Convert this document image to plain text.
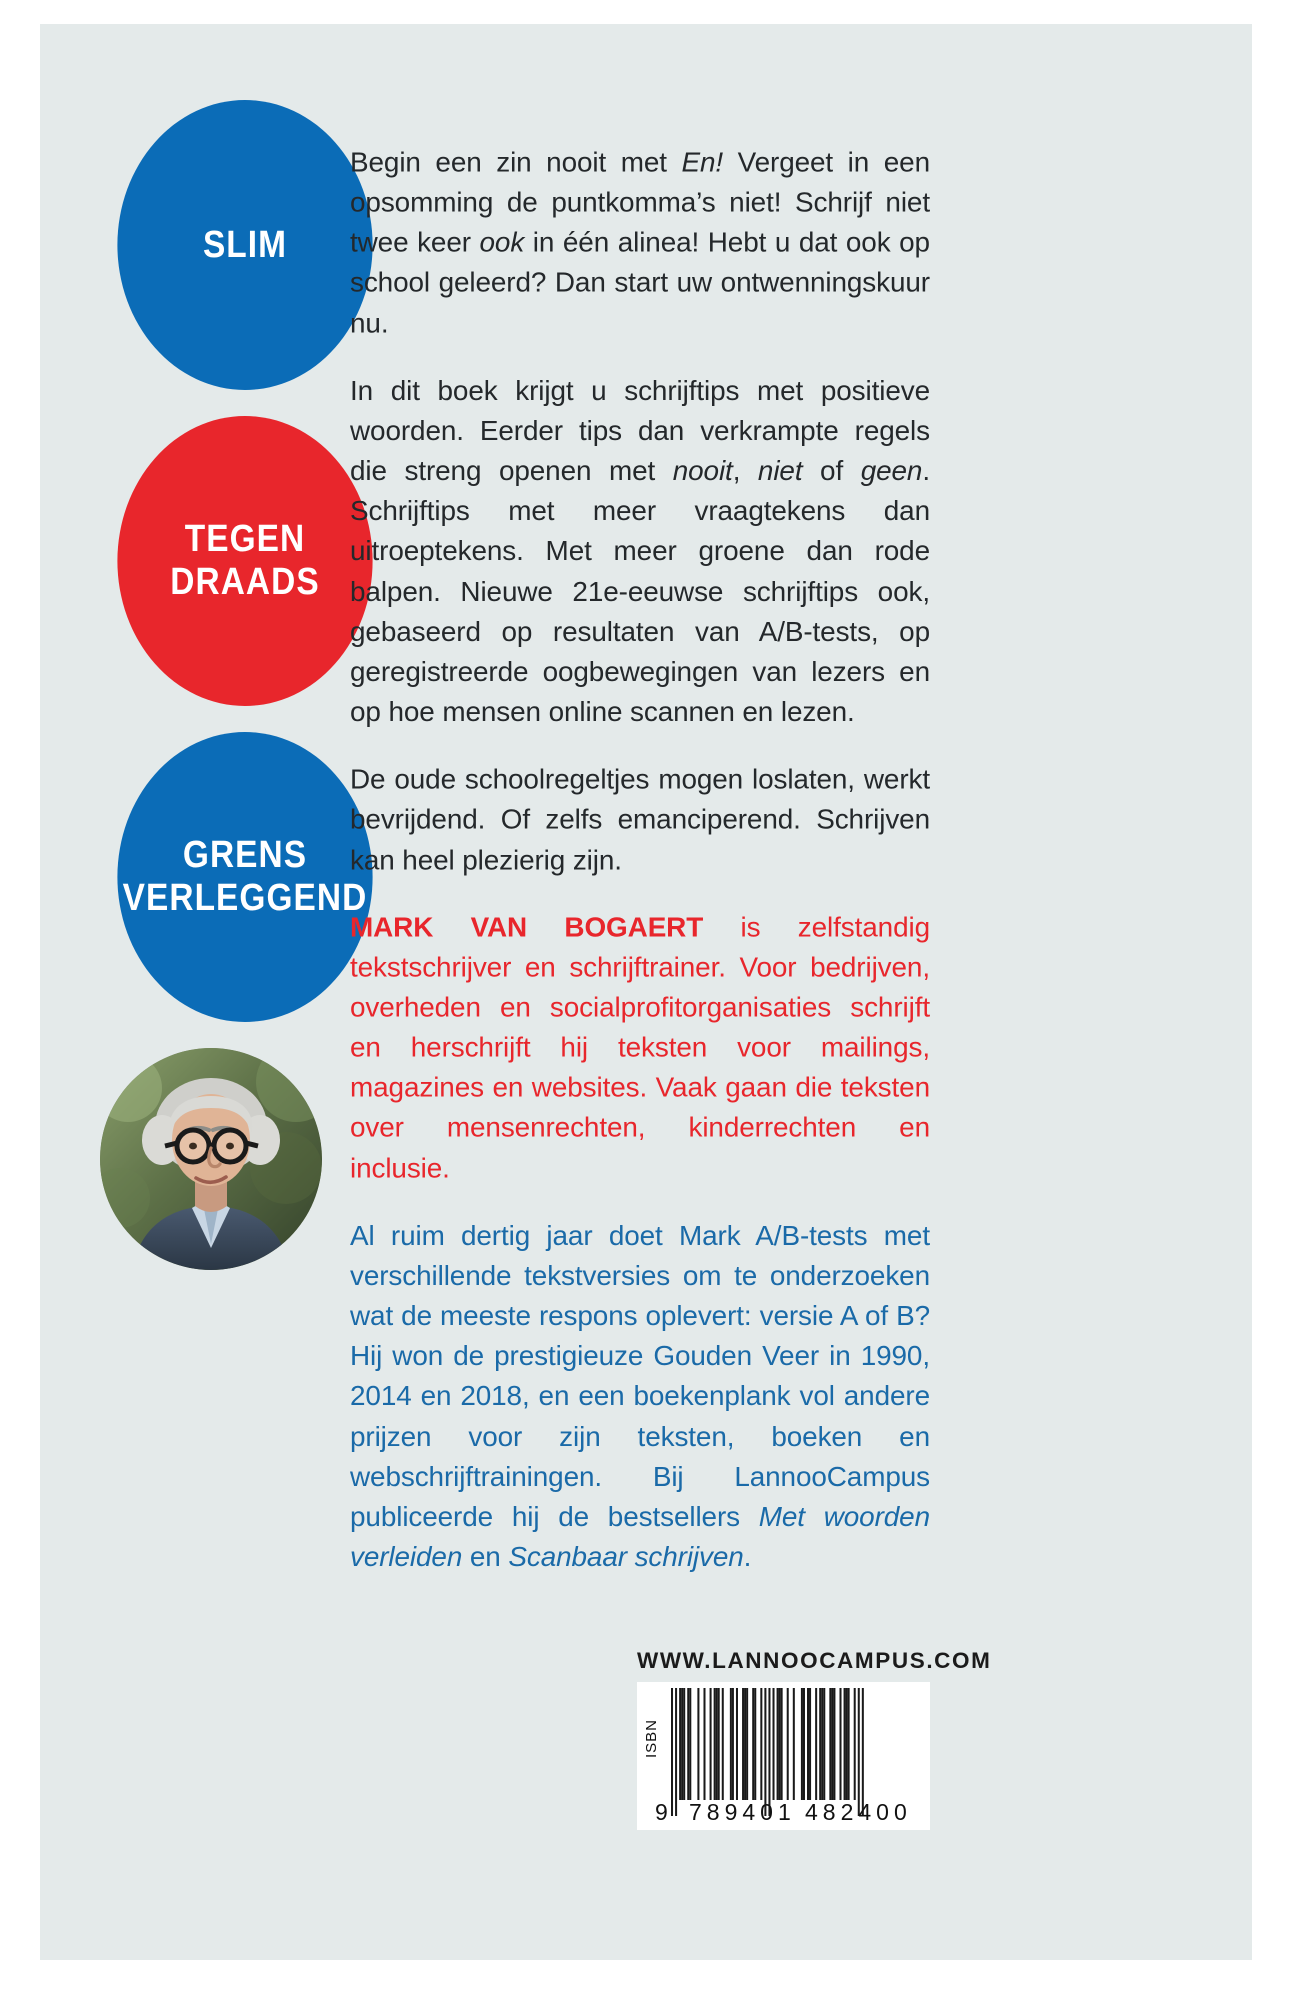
SLIM
TEGEN
DRAADS
GRENS
VERLEGGEND

Begin een zin nooit met En! Vergeet in een opsomming de puntkomma’s niet! Schrijf niet twee keer ook in één alinea! Hebt u dat ook op school geleerd? Dan start uw ontwenningskuur nu.

In dit boek krijgt u schrijftips met positieve woorden. Eerder tips dan verkrampte regels die streng openen met nooit, niet of geen. Schrijftips met meer vraagtekens dan uitroeptekens. Met meer groene dan rode balpen. Nieuwe 21e-eeuwse schrijftips ook, gebaseerd op resultaten van A/B-tests, op geregistreerde oogbewegingen van lezers en op hoe mensen online scannen en lezen.

De oude schoolregeltjes mogen loslaten, werkt bevrijdend. Of zelfs emanciperend. Schrijven kan heel plezierig zijn.

MARK VAN BOGAERT is zelfstandig tekstschrijver en schrijftrainer. Voor bedrijven, overheden en socialprofitorganisaties schrijft en herschrijft hij teksten voor mailings, magazines en websites. Vaak gaan die teksten over mensenrechten, kinderrechten en inclusie.

Al ruim dertig jaar doet Mark A/B-tests met verschillende tekstversies om te onderzoeken wat de meeste respons oplevert: versie A of B? Hij won de prestigieuze Gouden Veer in 1990, 2014 en 2018, en een boekenplank vol andere prijzen voor zijn teksten, boeken en webschrijftrainingen. Bij LannooCampus publiceerde hij de bestsellers Met woorden verleiden en Scanbaar schrijven.

WWW.LANNOOCAMPUS.COM
ISBN
9 789401 482400
